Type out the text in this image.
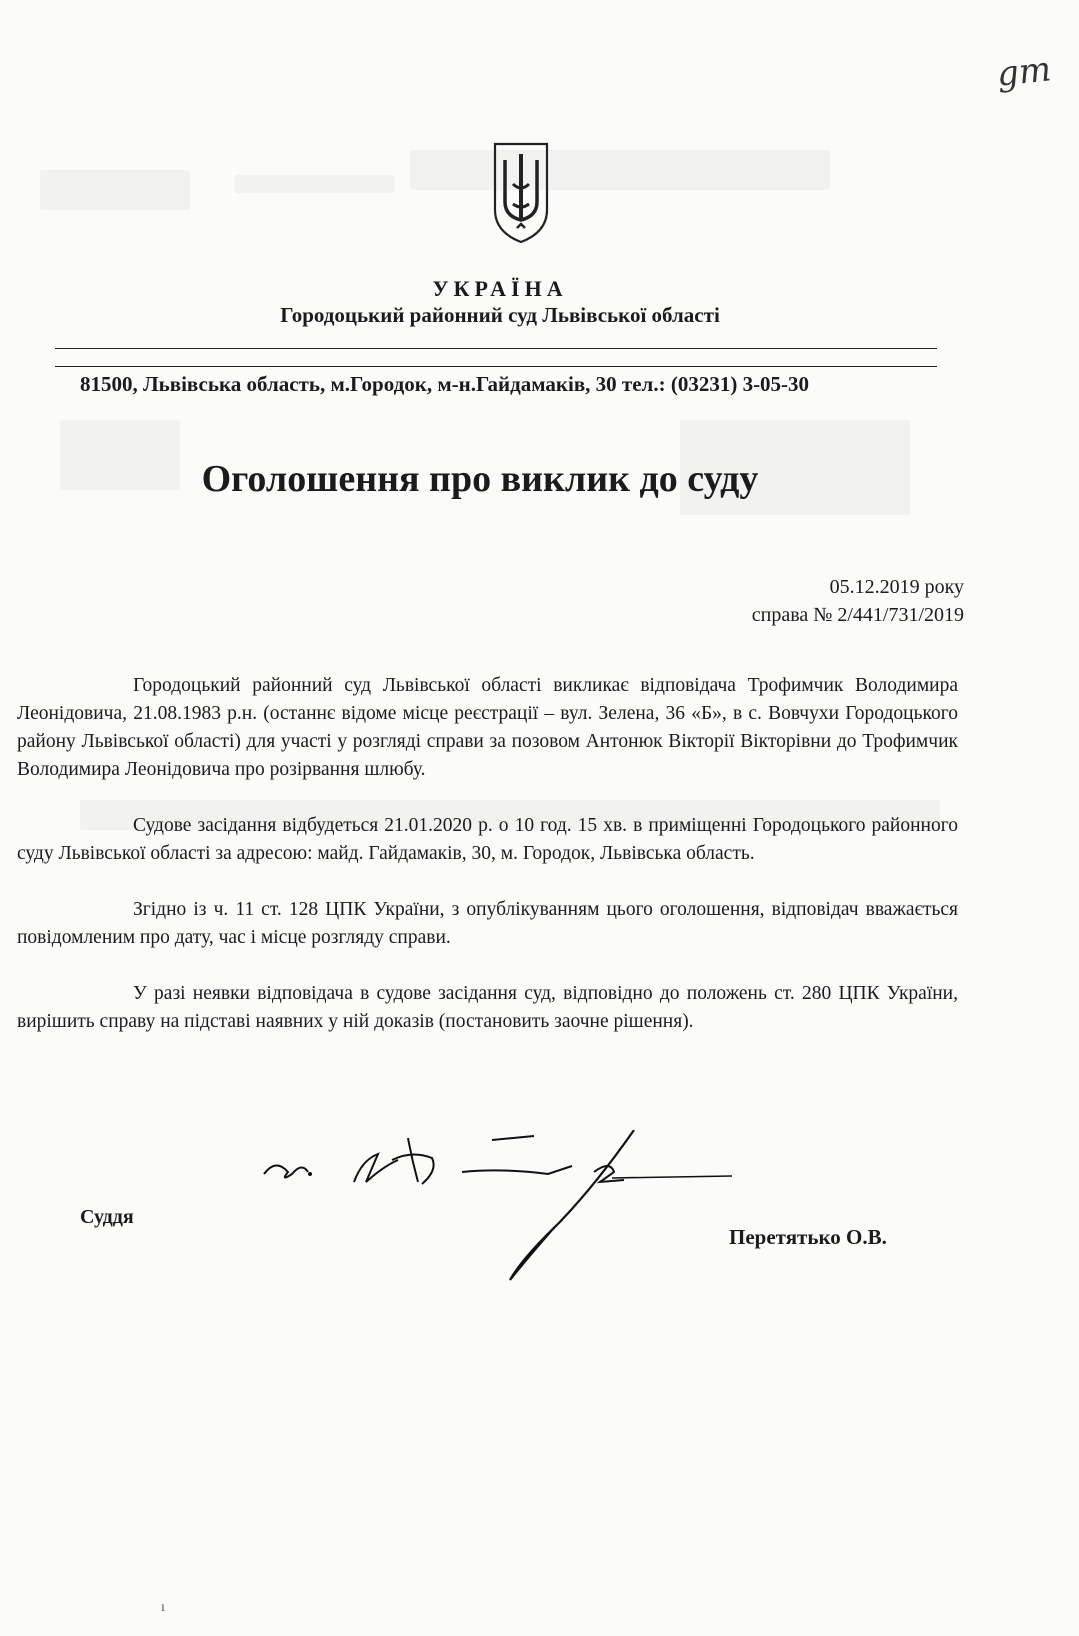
gm
УКРАЇНА
Городоцький районний суд Львівської області
81500, Львівська область, м.Городок, м-н.Гайдамаків, 30 тел.: (03231) 3-05-30
Оголошення про виклик до суду
05.12.2019 року
справа № 2/441/731/2019

Городоцький районний суд Львівської області викликає відповідача Трофимчик Володимира Леонідовича, 21.08.1983 р.н. (останнє відоме місце реєстрації – вул. Зелена, 36 «Б», в с. Вовчухи Городоцького району Львівської області) для участі у розгляді справи за позовом Антонюк Вікторії Вікторівни до Трофимчик Володимира Леонідовича про розірвання шлюбу.

Судове засідання відбудеться 21.01.2020 р. о 10 год. 15 хв. в приміщенні Городоцького районного суду Львівської області за адресою: майд. Гайдамаків, 30, м. Городок, Львівська область.

Згідно із ч. 11 ст. 128 ЦПК України, з опублікуванням цього оголошення, відповідач вважається повідомленим про дату, час і місце розгляду справи.

У разі неявки відповідача в судове засідання суд, відповідно до положень ст. 280 ЦПК України, вирішить справу на підставі наявних у ній доказів (постановить заочне рішення).

Суддя
Перетятько О.В.
ı
